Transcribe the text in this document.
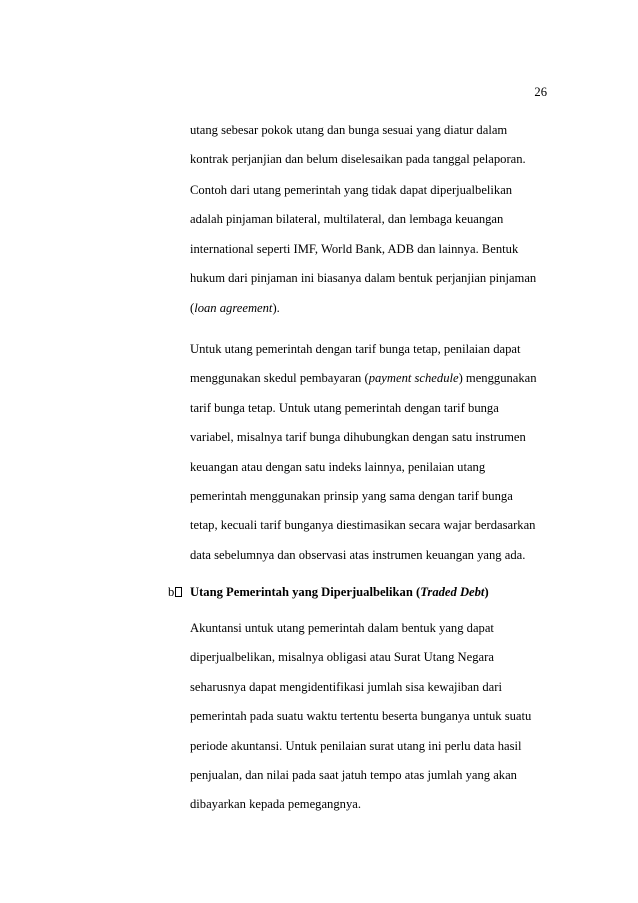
26
utang sebesar pokok utang dan bunga sesuai yang diatur dalam
kontrak perjanjian dan belum diselesaikan pada tanggal pelaporan.
Contoh dari utang pemerintah yang tidak dapat diperjualbelikan
adalah pinjaman bilateral, multilateral, dan lembaga keuangan
international seperti IMF, World Bank, ADB dan lainnya. Bentuk
hukum dari pinjaman ini biasanya dalam bentuk perjanjian pinjaman
(loan agreement).
Untuk utang pemerintah dengan tarif bunga tetap, penilaian dapat
menggunakan skedul pembayaran (payment schedule) menggunakan
tarif bunga tetap. Untuk utang pemerintah dengan tarif bunga
variabel, misalnya tarif bunga dihubungkan dengan satu instrumen
keuangan atau dengan satu indeks lainnya, penilaian utang
pemerintah menggunakan prinsip yang sama dengan tarif bunga
tetap, kecuali tarif bunganya diestimasikan secara wajar berdasarkan
data sebelumnya dan observasi atas instrumen keuangan yang ada.
b Utang Pemerintah yang Diperjualbelikan (Traded Debt)
Akuntansi untuk utang pemerintah dalam bentuk yang dapat
diperjualbelikan, misalnya obligasi atau Surat Utang Negara
seharusnya dapat mengidentifikasi jumlah sisa kewajiban dari
pemerintah pada suatu waktu tertentu beserta bunganya untuk suatu
periode akuntansi. Untuk penilaian surat utang ini perlu data hasil
penjualan, dan nilai pada saat jatuh tempo atas jumlah yang akan
dibayarkan kepada pemegangnya.
